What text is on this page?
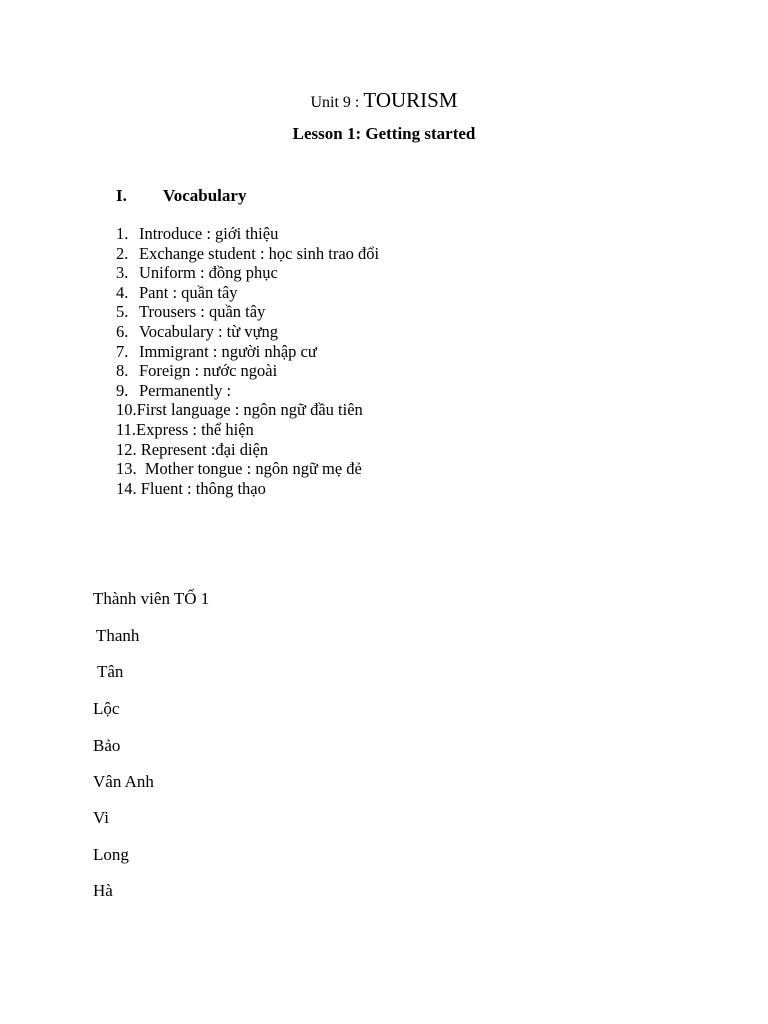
Unit 9 : TOURISM
Lesson 1: Getting started
I. Vocabulary
1. Introduce : giới thiệu
2. Exchange student : học sinh trao đổi
3. Uniform : đồng phục
4. Pant : quần tây
5. Trousers : quần tây
6. Vocabulary : từ vựng
7. Immigrant : người nhập cư
8. Foreign : nước ngoài
9. Permanently :
10.First language : ngôn ngữ đầu tiên
11.Express : thể hiện
12. Represent :đại diện
13.  Mother tongue : ngôn ngữ mẹ đẻ
14. Fluent : thông thạo
Thành viên TỐ 1
Thanh
Tân
Lộc
Bảo
Vân Anh
Vi
Long
Hà
